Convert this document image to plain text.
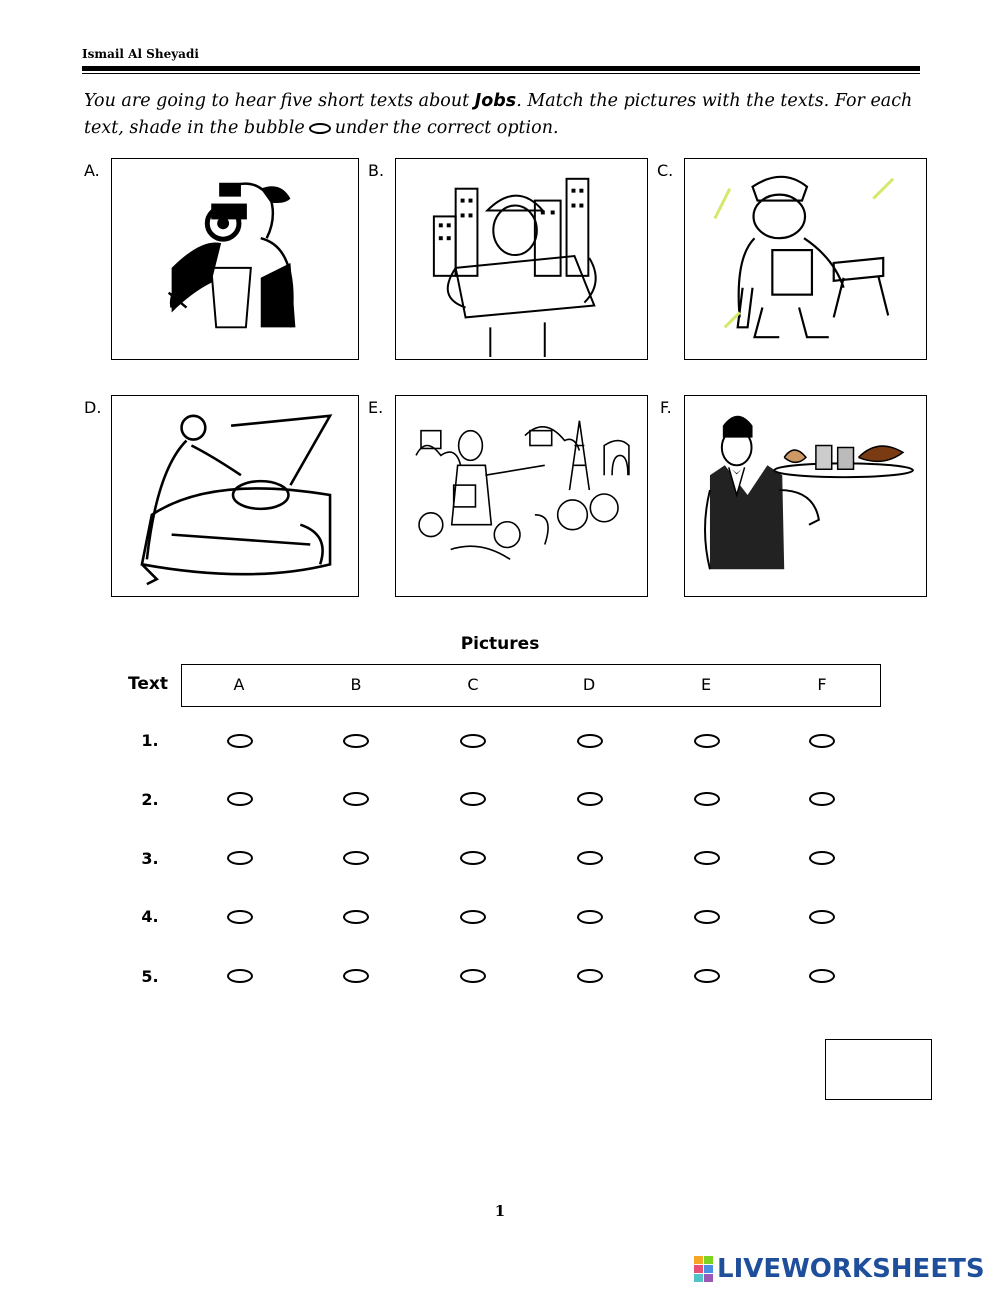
Ismail Al Sheyadi
You are going to hear five short texts about Jobs. Match the pictures with the texts. For each text, shade in the bubble under the correct option.
A.	B.	C.
D.	E.	F.
Pictures
Text	A	B	C	D	E	F
1.
2.
3.
4.
5.
1
LIVEWORKSHEETS
